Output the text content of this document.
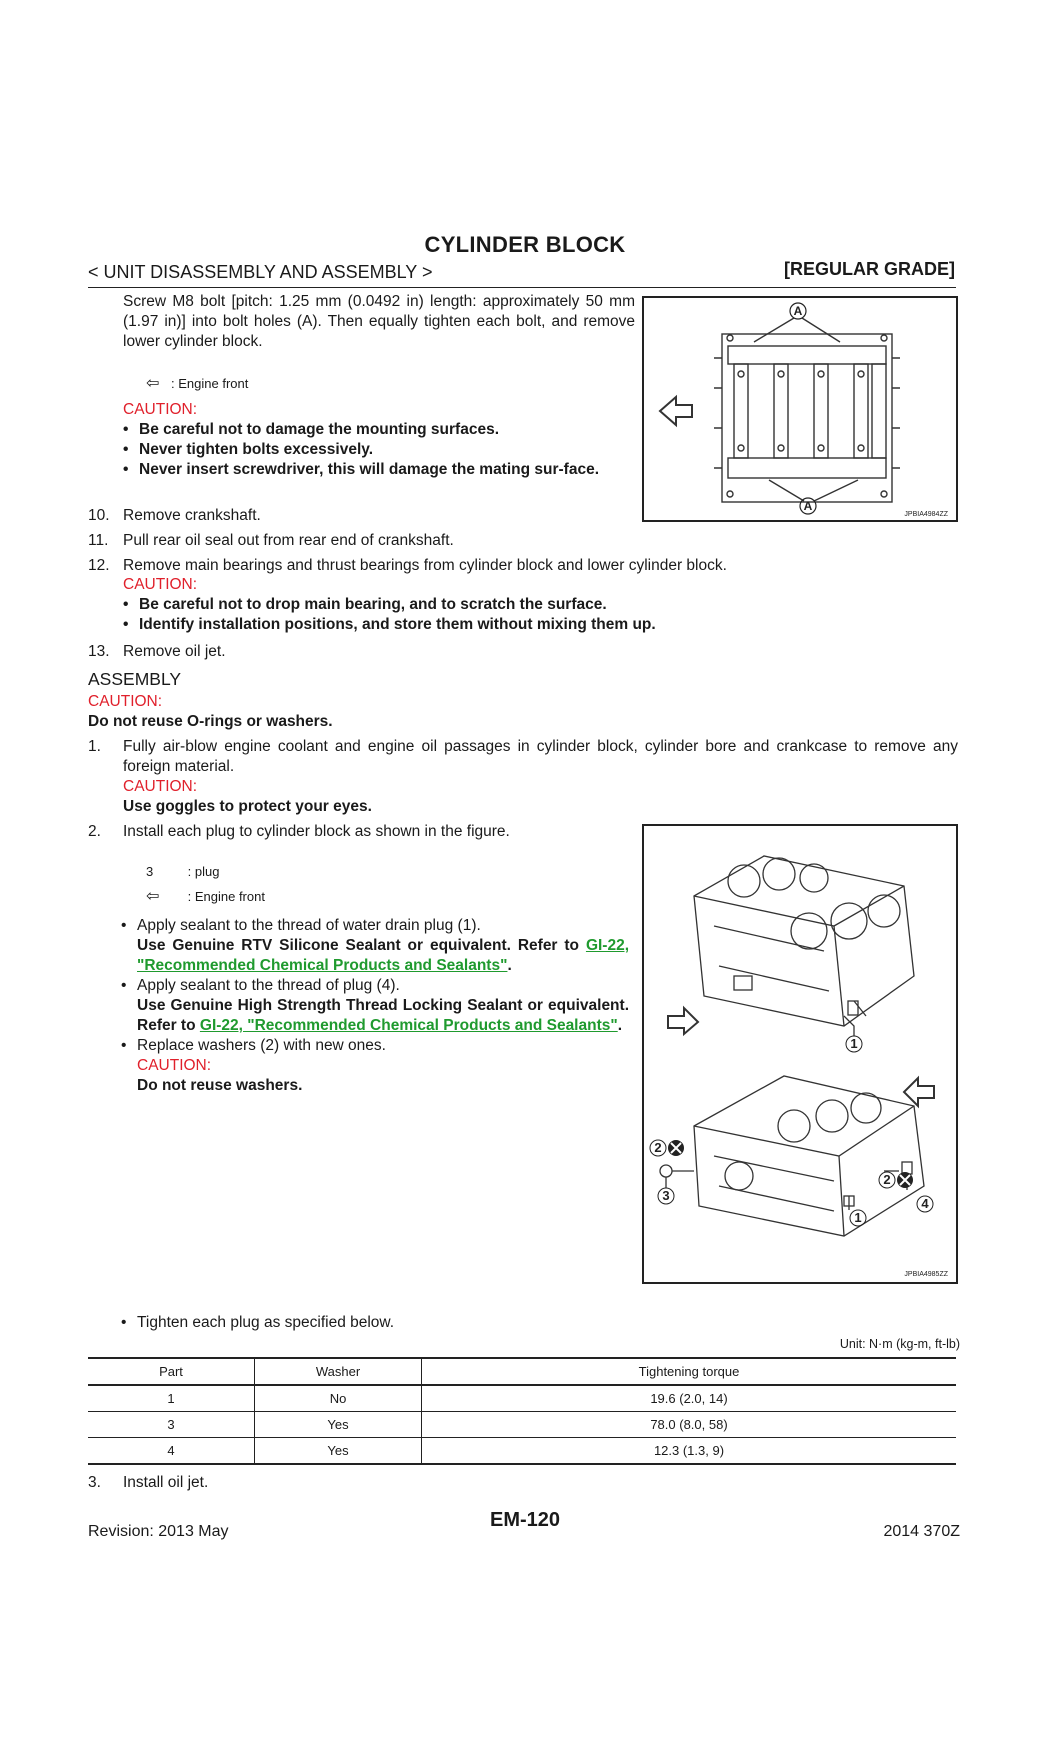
CYLINDER BLOCK
< UNIT DISASSEMBLY AND ASSEMBLY >	[REGULAR GRADE]
Screw M8 bolt [pitch: 1.25 mm (0.0492 in) length: approximately 50 mm (1.97 in)] into bolt holes (A). Then equally tighten each bolt, and remove lower cylinder block.
⇦ : Engine front
CAUTION:
• Be careful not to damage the mounting surfaces.
• Never tighten bolts excessively.
• Never insert screwdriver, this will damage the mating sur-face.
A
A
JPBIA4984ZZ
10. Remove crankshaft.
11. Pull rear oil seal out from rear end of crankshaft.
12. Remove main bearings and thrust bearings from cylinder block and lower cylinder block.
CAUTION:
• Be careful not to drop main bearing, and to scratch the surface.
• Identify installation positions, and store them without mixing them up.
13. Remove oil jet.
ASSEMBLY
CAUTION:
Do not reuse O-rings or washers.
1. Fully air-blow engine coolant and engine oil passages in cylinder block, cylinder bore and crankcase to remove any foreign material.
CAUTION:
Use goggles to protect your eyes.
2. Install each plug to cylinder block as shown in the figure.
3	: plug
⇦ : Engine front
• Apply sealant to the thread of water drain plug (1).
Use Genuine RTV Silicone Sealant or equivalent. Refer to GI-22, "Recommended Chemical Products and Sealants".
• Apply sealant to the thread of plug (4).
Use Genuine High Strength Thread Locking Sealant or equivalent. Refer to GI-22, "Recommended Chemical Products and Sealants".
• Replace washers (2) with new ones.
CAUTION:
Do not reuse washers.
1
2
3
2
4
1
JPBIA4985ZZ
• Tighten each plug as specified below.
Unit: N·m (kg-m, ft-lb)
Part	Washer	Tightening torque
1	No	19.6 (2.0, 14)
3	Yes	78.0 (8.0, 58)
4	Yes	12.3 (1.3, 9)
3. Install oil jet.
Revision: 2013 May
EM-120
2014 370Z
